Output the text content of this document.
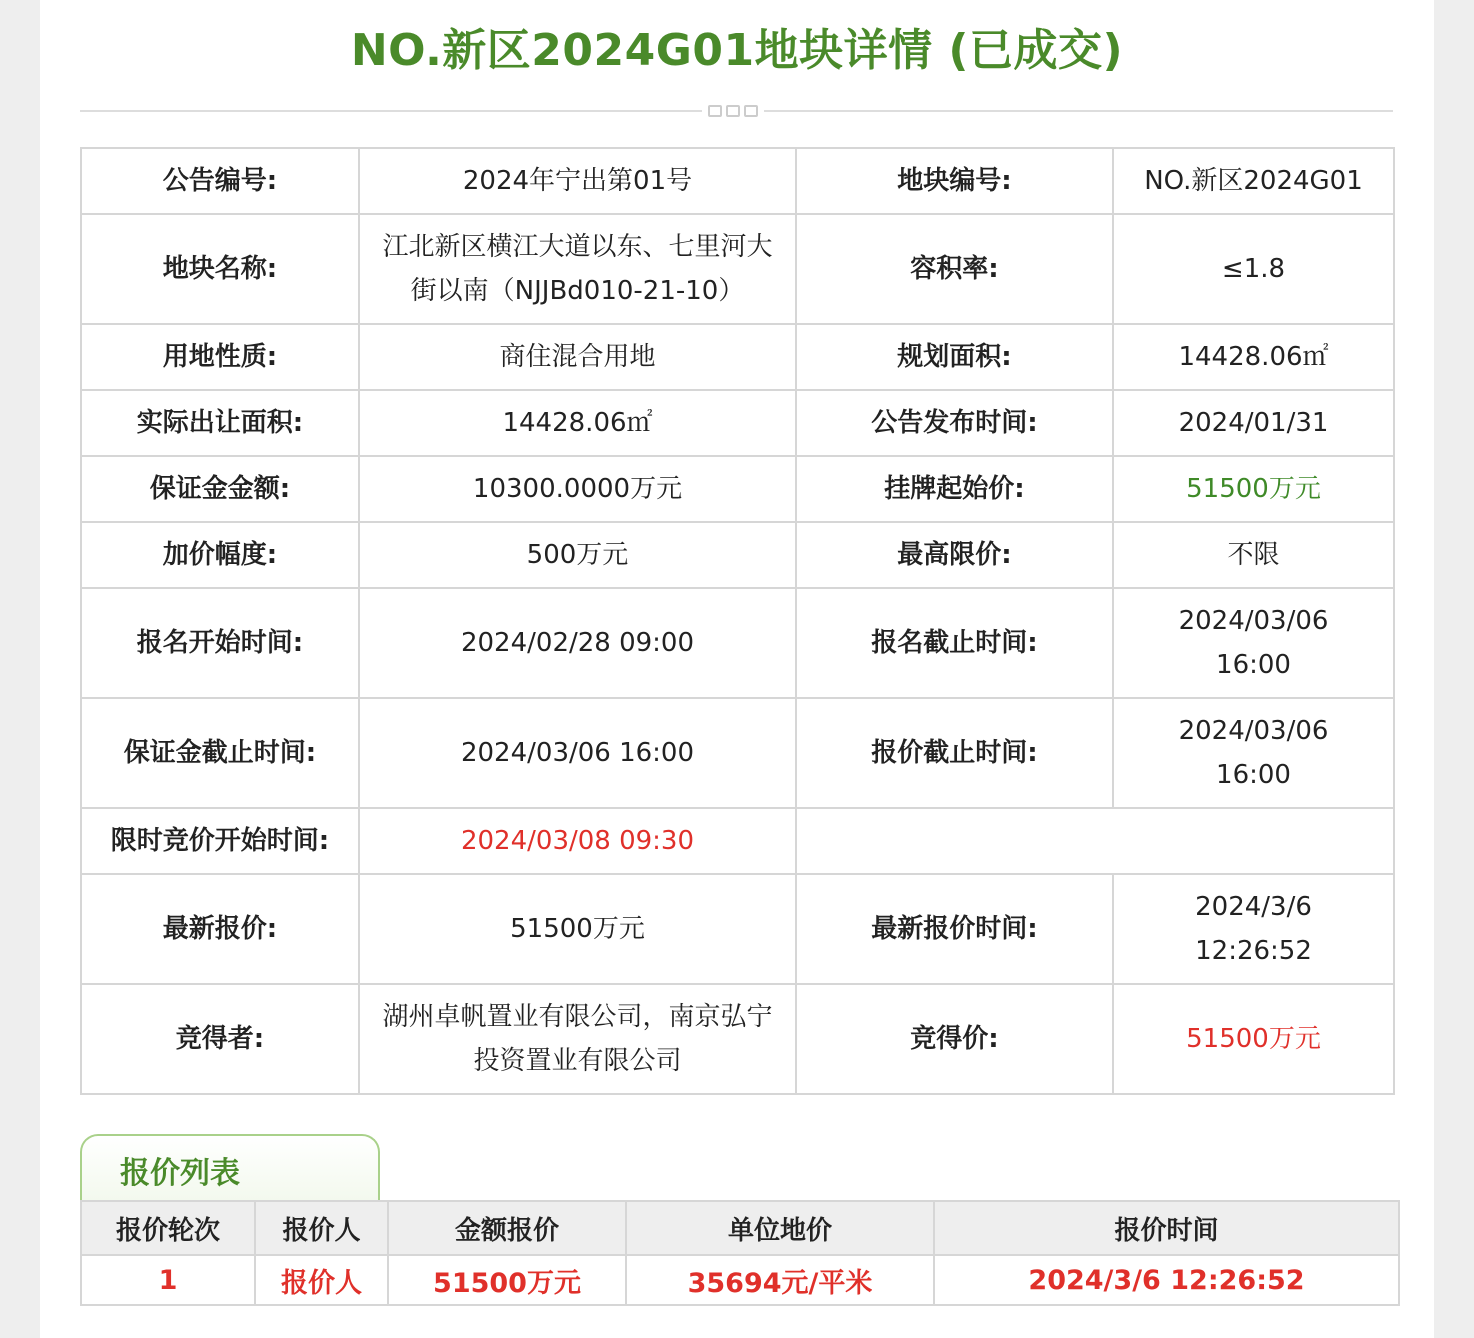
NO.新区2024G01地块详情 (已成交)
公告编号:	2024年宁出第01号	地块编号:	NO.新区2024G01
地块名称:	江北新区横江大道以东、七里河大街以南（NJJBd010-21-10）	容积率:	≤1.8
用地性质:	商住混合用地	规划面积:	14428.06㎡
实际出让面积:	14428.06㎡	公告发布时间:	2024/01/31
保证金金额:	10300.0000万元	挂牌起始价:	51500万元
加价幅度:	500万元	最高限价:	不限
报名开始时间:	2024/02/28 09:00	报名截止时间:	2024/03/06 16:00
保证金截止时间:	2024/03/06 16:00	报价截止时间:	2024/03/06 16:00
限时竞价开始时间:	2024/03/08 09:30		
最新报价:	51500万元	最新报价时间:	2024/3/6 12:26:52
竞得者:	湖州卓帆置业有限公司，南京弘宁投资置业有限公司	竞得价:	51500万元
报价列表
报价轮次	报价人	金额报价	单位地价	报价时间
1	报价人	51500万元	35694元/平米	2024/3/6 12:26:52
